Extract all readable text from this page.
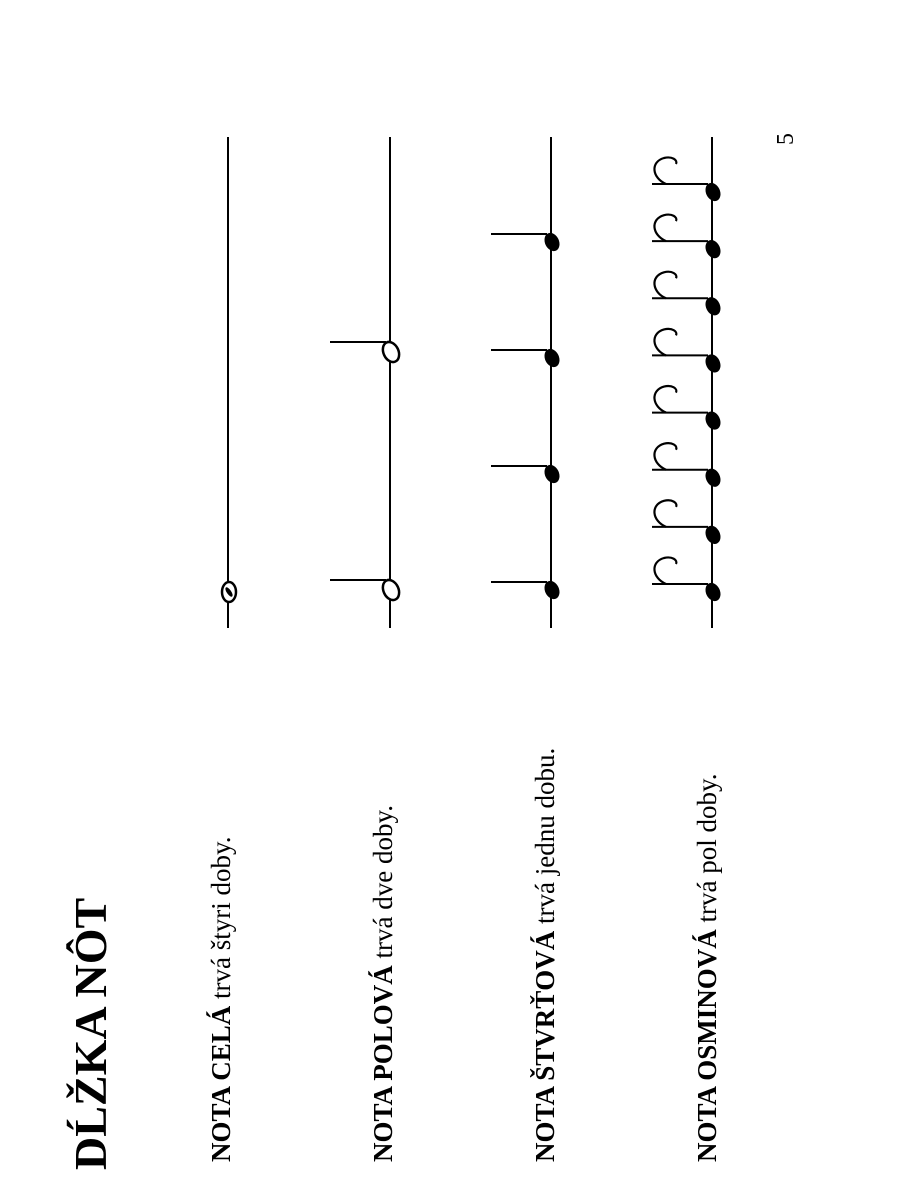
DĹŽKA NÔT	NOTA CELÁ trvá štyri doby.
NOTA POLOVÁ trvá dve doby.
NOTA ŠTVRŤOVÁ trvá jednu dobu.
NOTA OSMINOVÁ trvá pol doby.
5
